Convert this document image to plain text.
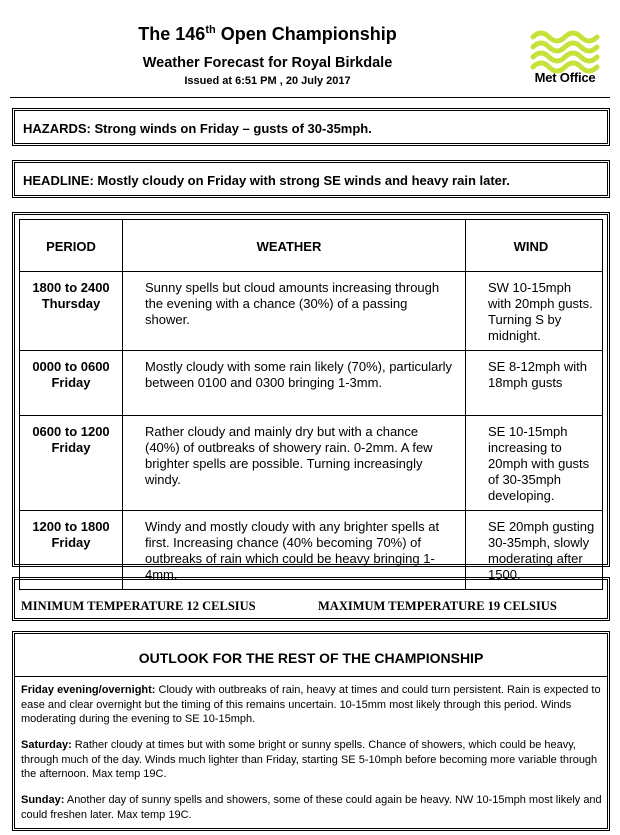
The 146th Open Championship
Weather Forecast for Royal Birkdale
Issued at 6:51 PM , 20 July 2017	Met Office
HAZARDS: Strong winds on Friday – gusts of 30-35mph.
HEADLINE: Mostly cloudy on Friday with strong SE winds and heavy rain later.
PERIOD	WEATHER	WIND

1800 to 2400
Thursday	Sunny spells but cloud amounts increasing through the evening with a chance (30%) of a passing shower.	SW 10-15mph with 20mph gusts. Turning S by midnight.

0000 to 0600
Friday	Mostly cloudy with some rain likely (70%), particularly between 0100 and 0300 bringing 1-3mm.	SE 8-12mph with 18mph gusts

0600 to 1200
Friday	Rather cloudy and mainly dry but with a chance (40%) of outbreaks of showery rain. 0-2mm. A few brighter spells are possible. Turning increasingly windy.	SE 10-15mph increasing to 20mph with gusts of 30-35mph developing.

1200 to 1800
Friday	Windy and mostly cloudy with any brighter spells at first. Increasing chance (40% becoming 70%) of outbreaks of rain which could be heavy bringing 1-4mm.	SE 20mph gusting 30-35mph, slowly moderating after 1500.
MINIMUM TEMPERATURE 12 CELSIUS	MAXIMUM TEMPERATURE 19 CELSIUS
OUTLOOK FOR THE REST OF THE CHAMPIONSHIP
Friday evening/overnight: Cloudy with outbreaks of rain, heavy at times and could turn persistent. Rain is expected to ease and clear overnight but the timing of this remains uncertain. 10-15mm most likely through this period. Winds moderating during the evening to SE 10-15mph.
Saturday: Rather cloudy at times but with some bright or sunny spells. Chance of showers, which could be heavy, through much of the day. Winds much lighter than Friday, starting SE 5-10mph before becoming more variable through the afternoon. Max temp 19C.
Sunday: Another day of sunny spells and showers, some of these could again be heavy. NW 10-15mph most likely and could freshen later. Max temp 19C.
